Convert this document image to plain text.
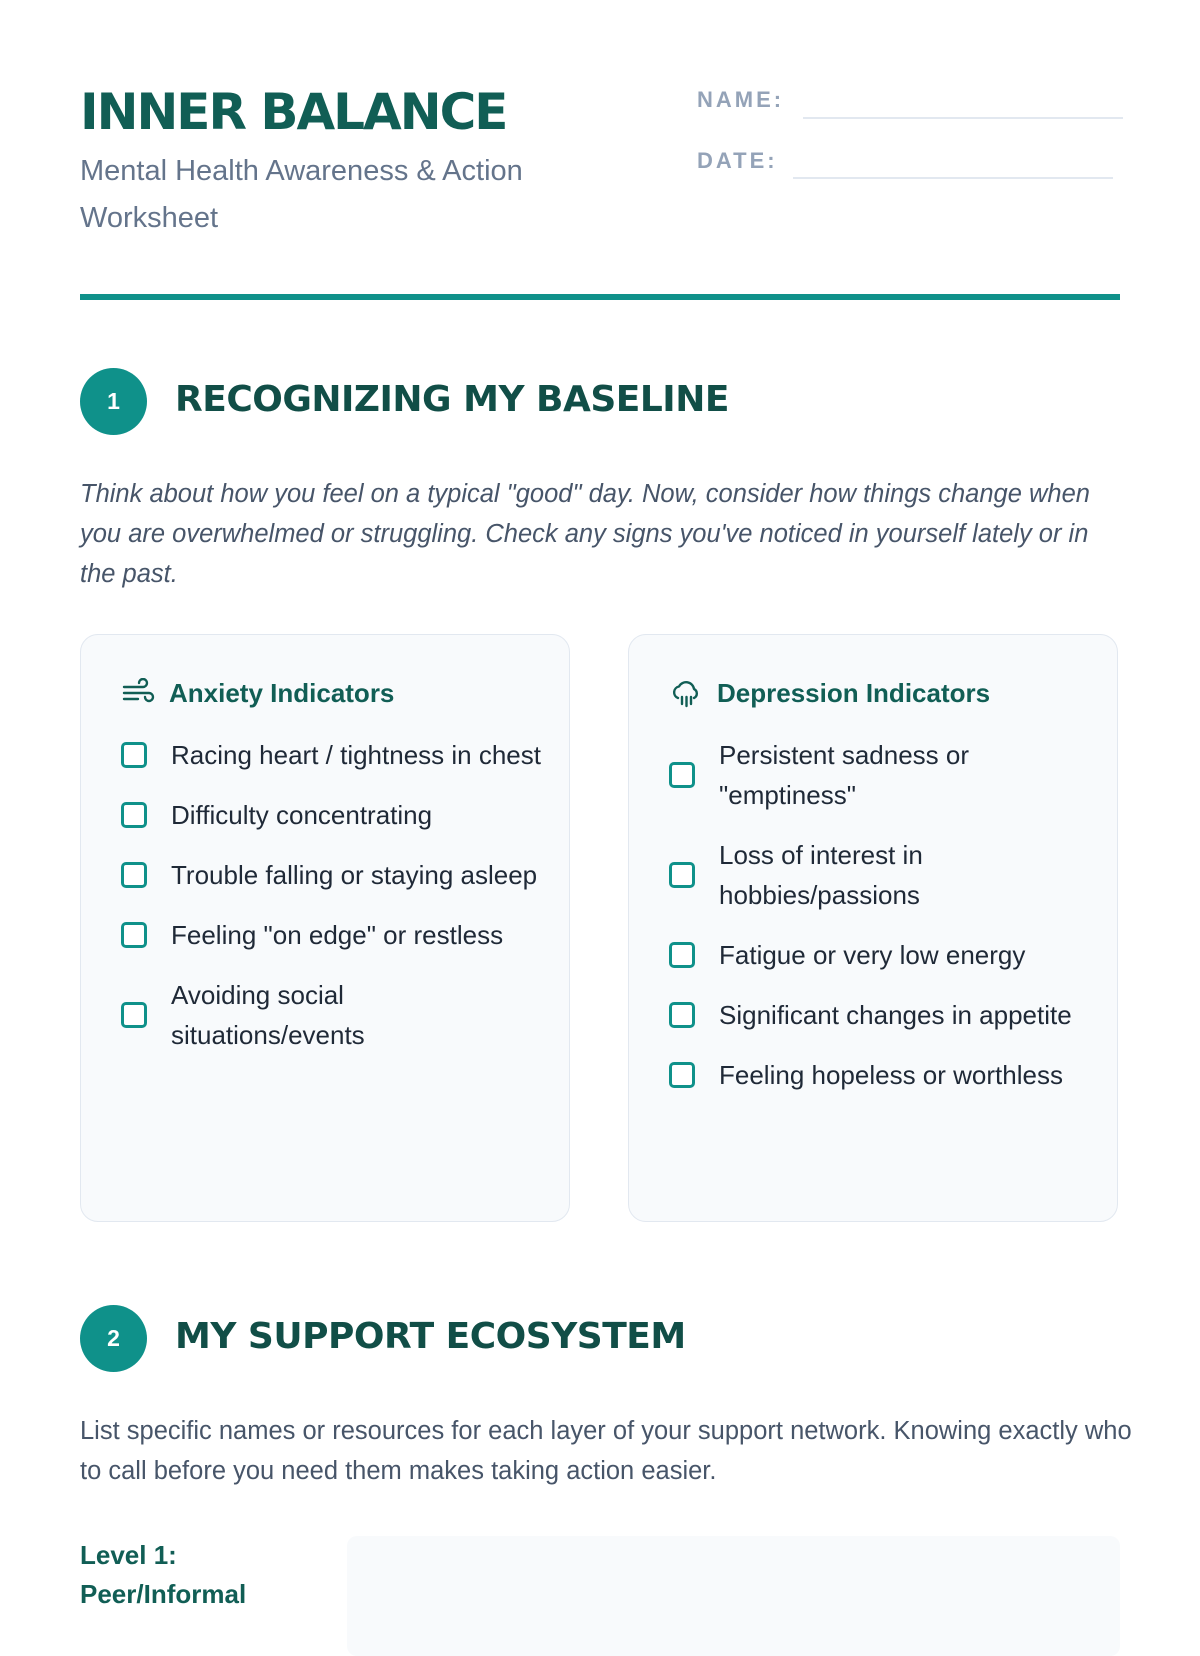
INNER BALANCE
Mental Health Awareness & Action Worksheet
NAME:
DATE:
1	RECOGNIZING MY BASELINE
Think about how you feel on a typical "good" day. Now, consider how things change when you are overwhelmed or struggling. Check any signs you've noticed in yourself lately or in the past.
Anxiety Indicators
Racing heart / tightness in chest
Difficulty concentrating
Trouble falling or staying asleep
Feeling "on edge" or restless
Avoiding social situations/events
Depression Indicators
Persistent sadness or "emptiness"
Loss of interest in hobbies/passions
Fatigue or very low energy
Significant changes in appetite
Feeling hopeless or worthless
2	MY SUPPORT ECOSYSTEM
List specific names or resources for each layer of your support network. Knowing exactly who to call before you need them makes taking action easier.
Level 1: Peer/Informal
